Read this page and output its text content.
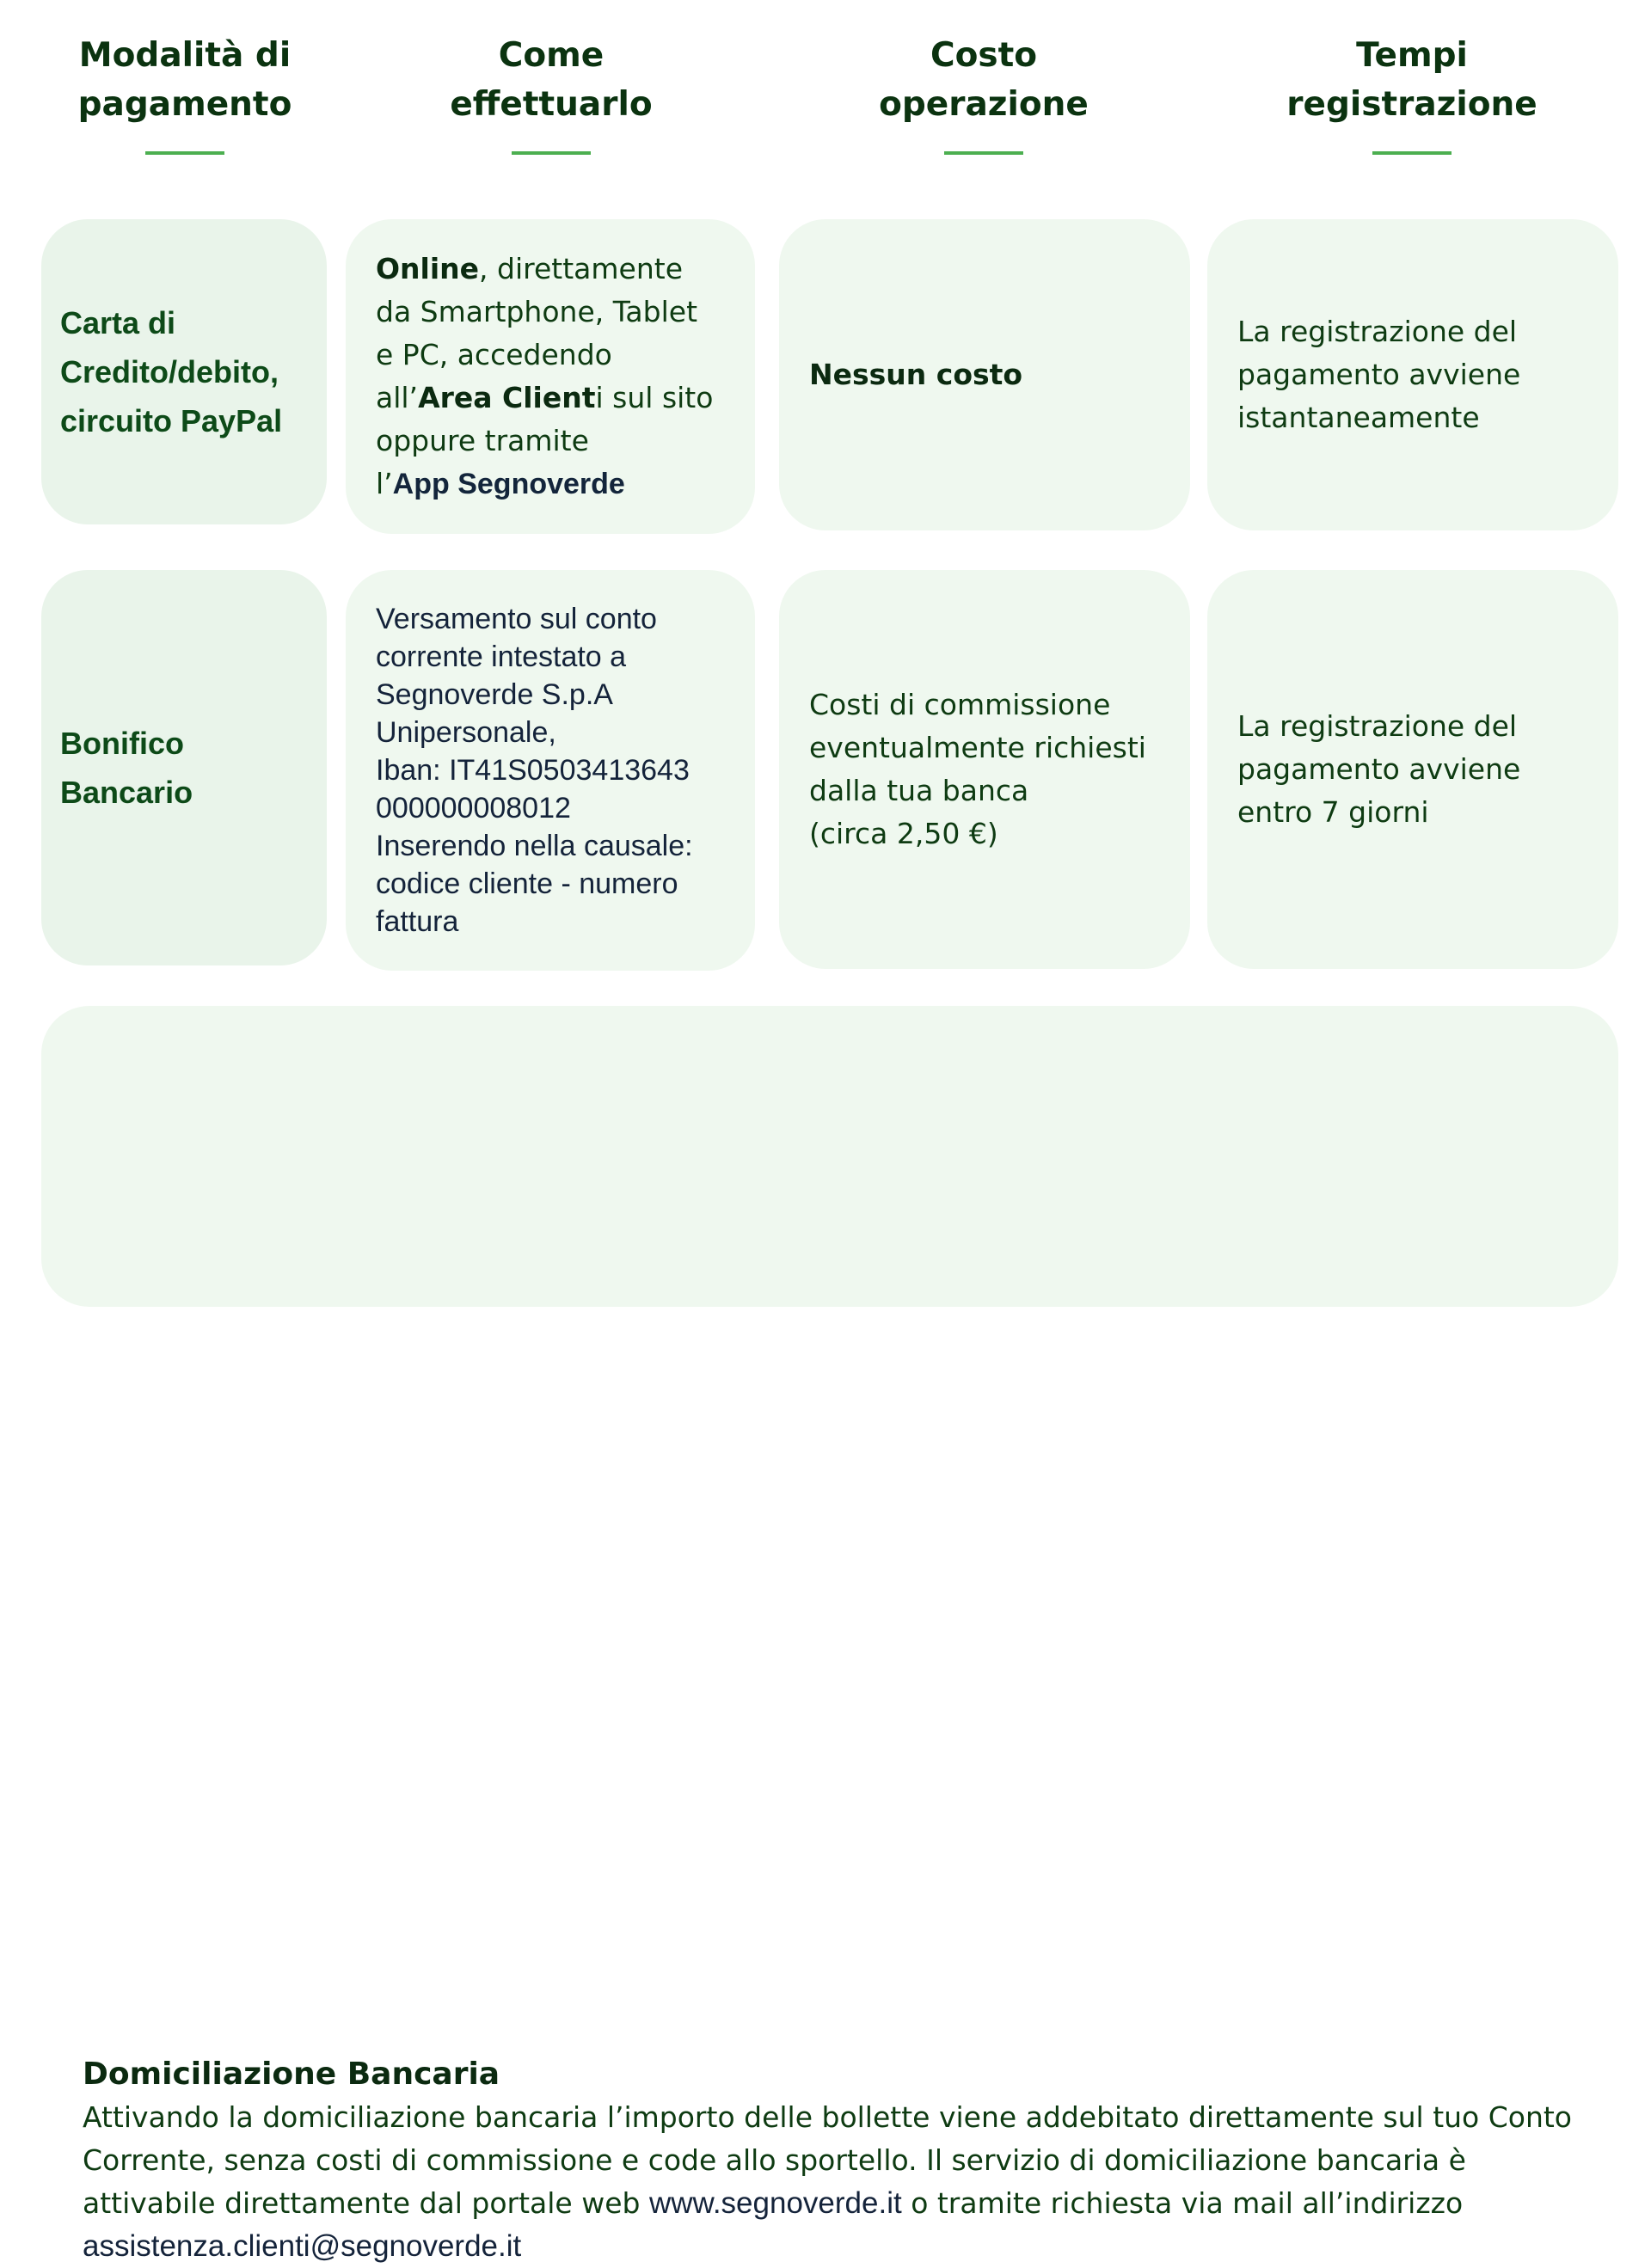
Modalità di
pagamento
Come
effettuarlo
Costo
operazione
Tempi
registrazione
Carta di
Credito/debito,
circuito PayPal
Online, direttamente
da Smartphone, Tablet
e PC, accedendo
all’Area Clienti sul sito
oppure tramite
l’App Segnoverde
Nessun costo
La registrazione del
pagamento avviene
istantaneamente
Bonifico
Bancario
Versamento sul conto
corrente intestato a
Segnoverde S.p.A
Unipersonale,
Iban: IT41S0503413643
000000008012
Inserendo nella causale:
codice cliente - numero
fattura
Costi di commissione
eventualmente richiesti
dalla tua banca
(circa 2,50 €)
La registrazione del
pagamento avviene
entro 7 giorni
Domiciliazione Bancaria
Attivando la domiciliazione bancaria l’importo delle bollette viene addebitato direttamente sul tuo Conto Corrente, senza costi di commissione e code allo sportello. Il servizio di domiciliazione bancaria è attivabile direttamente dal portale web www.segnoverde.it o tramite richiesta via mail all’indirizzo assistenza.clienti@segnoverde.it
